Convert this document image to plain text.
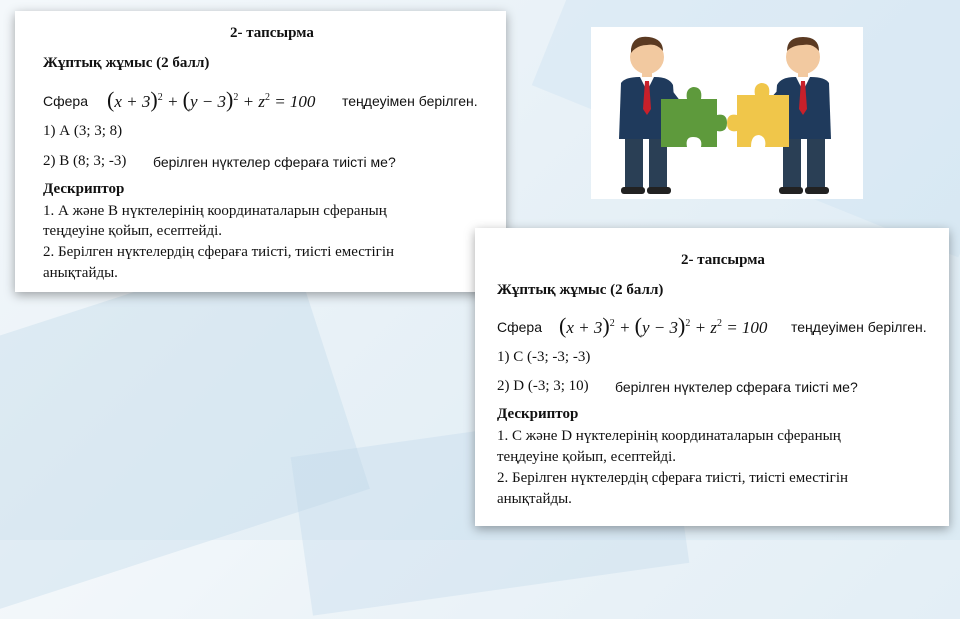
2- тапсырма
Жұптық жұмыс (2 балл)
Сфера $(x + 3)^2 + (y - 3)^2 + z^2 = 100$ теңдеуімен берілген.
1) А (3; 3; 8)
2) В (8; 3; -3) берілген нүктелер сфераға тиісті ме?
Дескриптор
1. А және В нүктелерінің координаталарын сфераның
теңдеуіне қойып, есептейді.
2. Берілген нүктелердің сфераға тиісті, тиісті еместігін
анықтайды.
2- тапсырма
Жұптық жұмыс (2 балл)
Сфера $(x + 3)^2 + (y - 3)^2 + z^2 = 100$ теңдеуімен берілген.
1) С (-3; -3; -3)
2) D (-3; 3; 10) берілген нүктелер сфераға тиісті ме?
Дескриптор
1. С және D нүктелерінің координаталарын сфераның
теңдеуіне қойып, есептейді.
2. Берілген нүктелердің сфераға тиісті, тиісті еместігін
анықтайды.
